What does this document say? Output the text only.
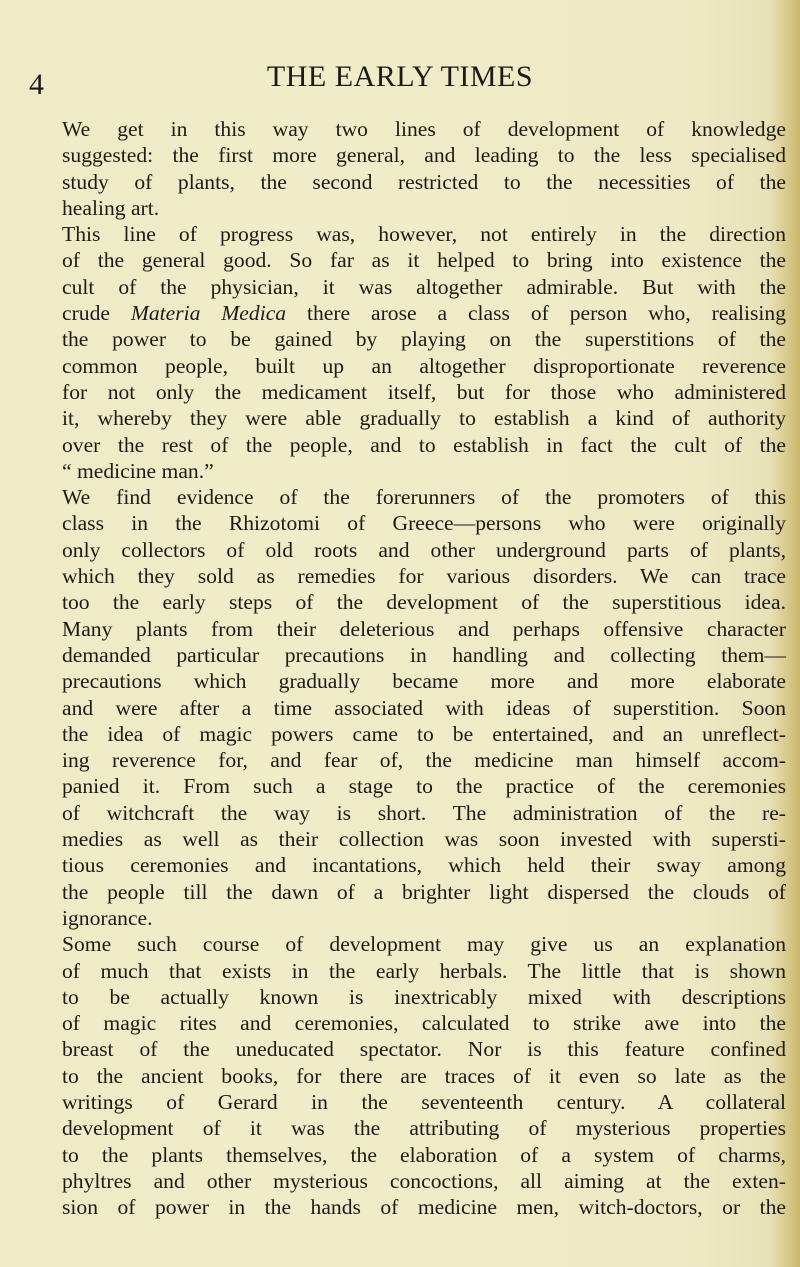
4	THE EARLY TIMES
We get in this way two lines of development of knowledge
suggested: the first more general, and leading to the less specialised
study of plants, the second restricted to the necessities of the
healing art.
This line of progress was, however, not entirely in the direction
of the general good. So far as it helped to bring into existence the
cult of the physician, it was altogether admirable. But with the
crude Materia Medica there arose a class of person who, realising
the power to be gained by playing on the superstitions of the
common people, built up an altogether disproportionate reverence
for not only the medicament itself, but for those who administered
it, whereby they were able gradually to establish a kind of authority
over the rest of the people, and to establish in fact the cult of the
“ medicine man.”
We find evidence of the forerunners of the promoters of this
class in the Rhizotomi of Greece—persons who were originally
only collectors of old roots and other underground parts of plants,
which they sold as remedies for various disorders. We can trace
too the early steps of the development of the superstitious idea.
Many plants from their deleterious and perhaps offensive character
demanded particular precautions in handling and collecting them—
precautions which gradually became more and more elaborate
and were after a time associated with ideas of superstition. Soon
the idea of magic powers came to be entertained, and an unreflect-
ing reverence for, and fear of, the medicine man himself accom-
panied it. From such a stage to the practice of the ceremonies
of witchcraft the way is short. The administration of the re-
medies as well as their collection was soon invested with supersti-
tious ceremonies and incantations, which held their sway among
the people till the dawn of a brighter light dispersed the clouds of
ignorance.
Some such course of development may give us an explanation
of much that exists in the early herbals. The little that is shown
to be actually known is inextricably mixed with descriptions
of magic rites and ceremonies, calculated to strike awe into the
breast of the uneducated spectator. Nor is this feature confined
to the ancient books, for there are traces of it even so late as the
writings of Gerard in the seventeenth century. A collateral
development of it was the attributing of mysterious properties
to the plants themselves, the elaboration of a system of charms,
phyltres and other mysterious concoctions, all aiming at the exten-
sion of power in the hands of medicine men, witch-doctors, or the
